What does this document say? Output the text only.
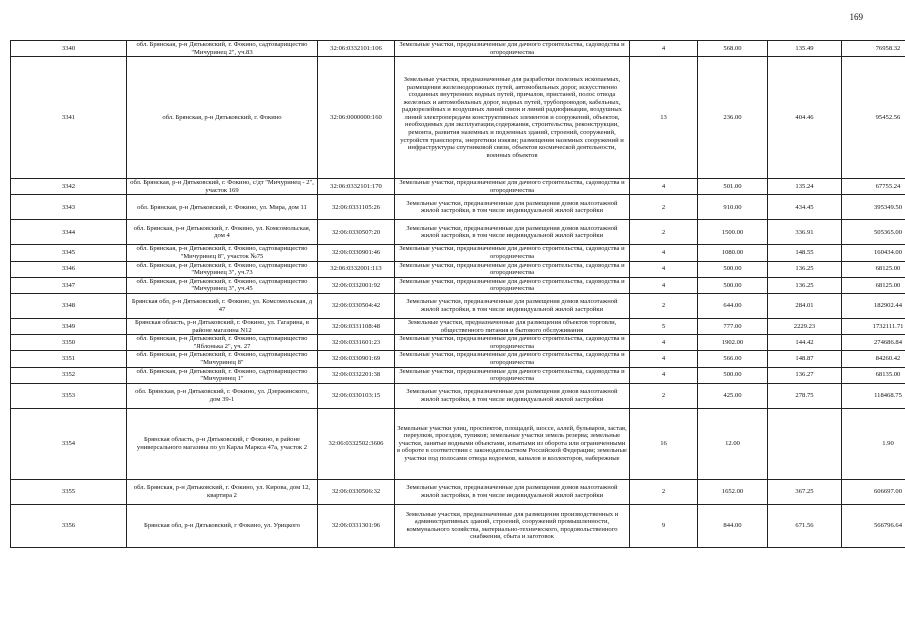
169
3340	обл. Брянская, р-н Дятьковский, г. Фокино, садтоварищество "Мичуринец 2", уч.83	32:06:0332101:106	Земельные участки, предназначенные для дачного строительства, садоводства и огородничества	4	568.00	135.49	76958.32
3341	обл. Брянская, р-н Дятьковский, г. Фокино	32:06:0000000:160	Земельные участки, предназначенные для разработки полезных ископаемых, размещения железнодорожных путей, автомобильных дорог, искусственно созданных внутренних водных путей, причалов, пристаней, полос отвода железных и автомобильных дорог, водных путей, трубопроводов, кабельных, радиорелейных и воздушных линий связи и линий радиофикации, воздушных линий электропередачи конструктивных элементов и сооружений, объектов, необходимых для эксплуатации,содержания, строительства, реконструкции, ремонта, развития наземных и подземных зданий, строений, сооружений, устройств транспорта, энергетики иэкязи; размещения наземных сооружений и инфраструктуры спутниковой связи, объектов космической деятельности, военных объектов	13	236.00	404.46	95452.56
3342	обл. Брянская, р-н Дятьковский, г. Фокино, с/дт "Мичуринец - 2", участок 169	32:06:0332101:170	Земельные участки, предназначенные для дачного строительства, садоводства и огородничества	4	501.00	135.24	67755.24
3343	обл. Брянская, р-н Дятьковский, г. Фокино, ул. Мира, дом 11	32:06:0331105:26	Земельные участки, предназначенные для размещения домов малоэтажной жилой застройки, в том числе индивидуальной жилой застройки	2	910.00	434.45	395349.50
3344	обл. Брянская, р-н Дятьковский, г. Фокино, ул. Комсомольская, дом 4	32:06:0330507:20	Земельные участки, предназначенные для размещения домов малоэтажной жилой застройки, в том числе индивидуальной жилой застройки	2	1500.00	336.91	505365.00
3345	обл. Брянская, р-н Дятьковский, г. Фокино, садтоварищество "Мичуринец 8", участок №75	32:06:0330901:46	Земельные участки, предназначенные для дачного строительства, садоводства и огородничества	4	1080.00	148.55	160434.00
3346	обл. Брянская, р-н Дятьковский, г. Фокино, садтоварищество "Мичуринец 3", уч.73	32:06:0332001:113	Земельные участки, предназначенные для дачного строительства, садоводства и огородничества	4	500.00	136.25	68125.00
3347	обл. Брянская, р-н Дятьковский, г. Фокино, садтоварищество "Мичуринец 3", уч.45	32:06:0332001:92	Земельные участки, предназначенные для дачного строительства, садоводства и огородничества	4	500.00	136.25	68125.00
3348	Брянская обл, р-н Дятьковский, г. Фокино, ул. Комсомольская, д 47	32:06:0330504:42	Земельные участки, предназначенные для размещения домов малоэтажной жилой застройки, в том числе индивидуальной жилой застройки	2	644.00	284.01	182902.44
3349	Брянская область, р-н Дятьковский, г. Фокино, ул. Гагарина, в районе магазина N12	32:06:0331108:48	Земельные участки, предназначенные для размещения объектов торговли, общественного питания и бытового обслуживания	5	777.00	2229.23	1732111.71
3350	обл. Брянская, р-н Дятьковский, г. Фокино, садтоварищество "Яблонька 2", уч. 27	32:06:0331601:23	Земельные участки, предназначенные для дачного строительства, садоводства и огородничества	4	1902.00	144.42	274686.84
3351	обл. Брянская, р-н Дятьковский, г. Фокино, садтоварищество "Мичуринец 8"	32:06:0330901:69	Земельные участки, предназначенные для дачного строительства, садоводства и огородничества	4	566.00	148.87	84260.42
3352	обл. Брянская, р-н Дятьковский, г. Фокино, садтоварищество "Мичуринец 1"	32:06:0332201:38	Земельные участки, предназначенные для дачного строительства, садоводства и огородничества	4	500.00	136.27	68135.00
3353	обл. Брянская, р-н Дятьковский, г. Фокино, ул. Дзержинского, дом 39-1	32:06:0330103:15	Земельные участки, предназначенные для размещения домов малоэтажной жилой застройки, в том числе индивидуальной жилой застройки	2	425.00	278.75	118468.75
3354	Брянская область, р-н Дятьковский, г Фокино, в районе универсального магазина по ул Карла Маркса 47а, участок 2	32:06:0332502:3606	Земельные участки улиц, проспектов, площадей, шоссе, аллей, бульваров, застав, переулков, проездов, тупиков; земельные участки земель резерва; земельные участки, занятые водными объектами, изъятыми из оборота или ограниченными в обороте в соответствии с законодательством Российской Федерации; земельные участки под полосами отвода водоемов, каналов и коллекторов, набережные	16	12.00		1.90
3355	обл. Брянская, р-н Дятьковский, г. Фокино, ул. Кирова, дом 12, квартира 2	32:06:0330506:32	Земельные участки, предназначенные для размещения домов малоэтажной жилой застройки, в том числе индивидуальной жилой застройки	2	1652.00	367.25	606697.00
3356	Брянская обл, р-н Дятьковский, г Фокино, ул. Урицкого	32:06:0331301:96	Земельные участки, предназначенные для размещения производственных и административных зданий, строений, сооружений промышленности, коммунального хозяйства, материально-технического, продовольственного снабжения, сбыта и заготовок	9	844.00	671.56	566796.64
